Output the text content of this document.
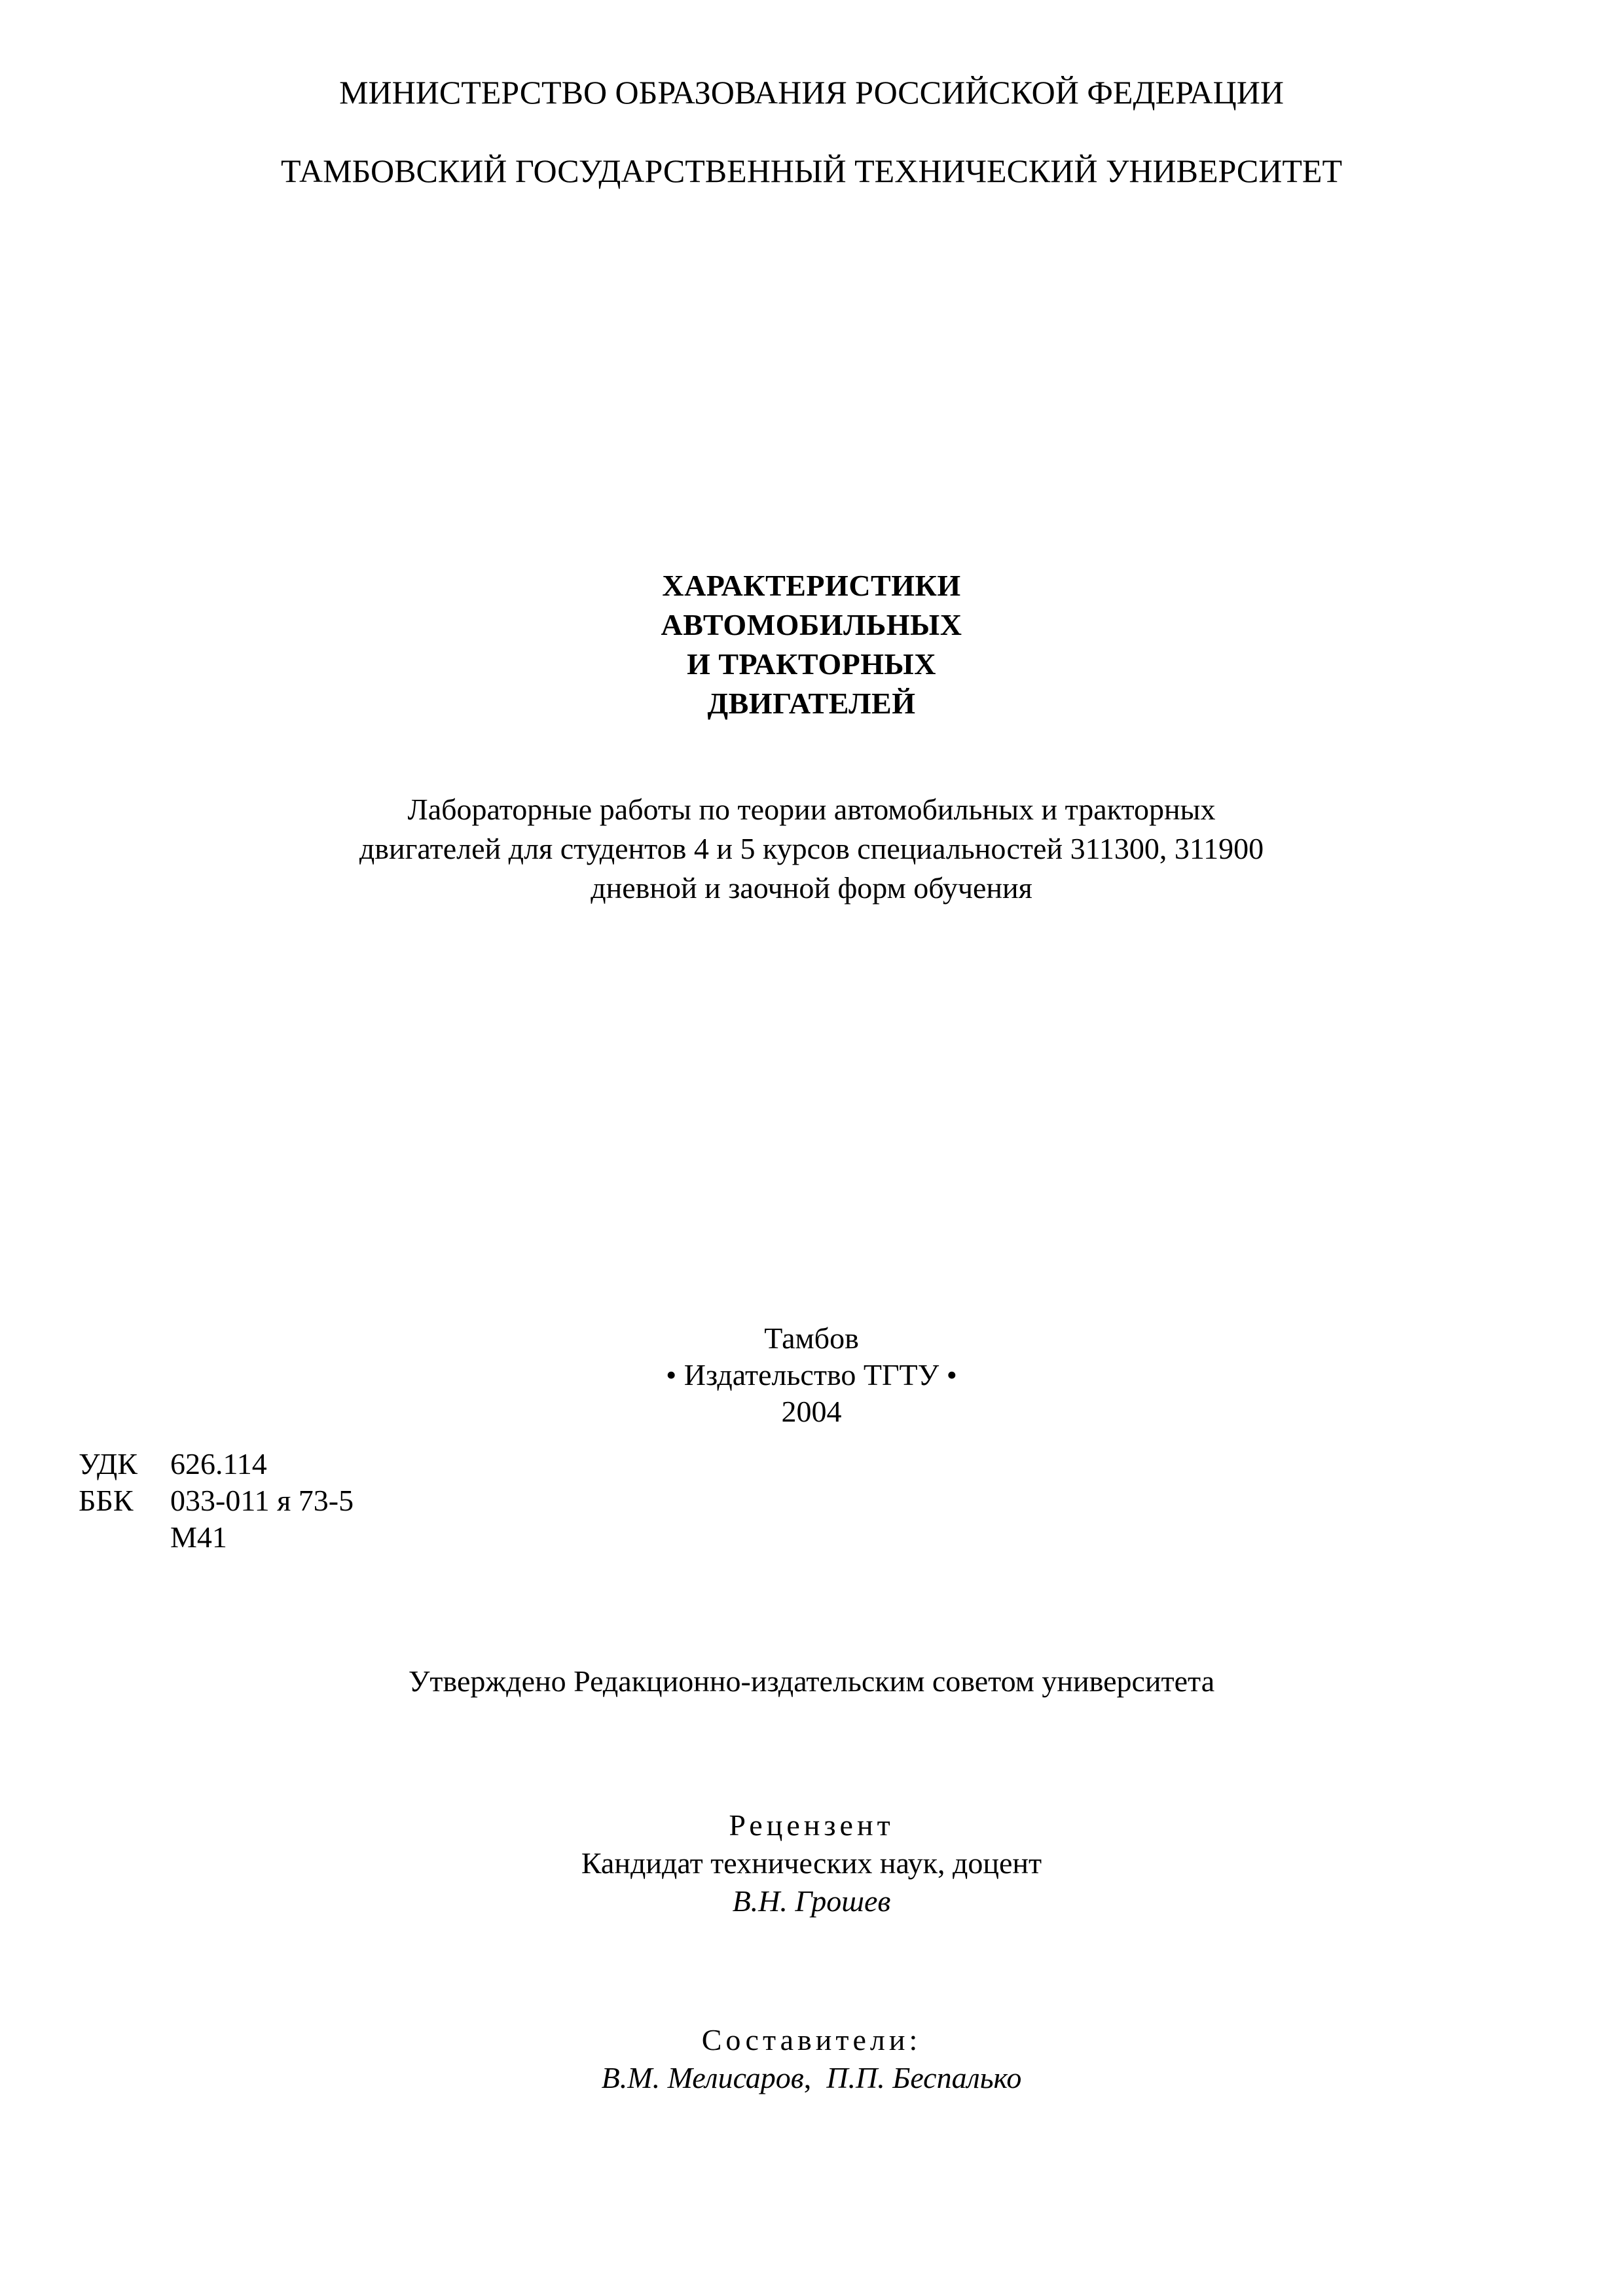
МИНИСТЕРСТВО ОБРАЗОВАНИЯ РОССИЙСКОЙ ФЕДЕРАЦИИ
ТАМБОВСКИЙ ГОСУДАРСТВЕННЫЙ ТЕХНИЧЕСКИЙ УНИВЕРСИТЕТ
ХАРАКТЕРИСТИКИ
АВТОМОБИЛЬНЫХ
И ТРАКТОРНЫХ
ДВИГАТЕЛЕЙ
Лабораторные работы по теории автомобильных и тракторных
двигателей для студентов 4 и 5 курсов специальностей 311300, 311900
дневной и заочной форм обучения
Тамбов
• Издательство ТГТУ •
2004
УДК 626.114
ББК 033-011 я 73-5
М41
Утверждено Редакционно-издательским советом университета
Рецензент
Кандидат технических наук, доцент
В.Н. Грошев
Составители:
В.М. Мелисаров, П.П. Беспалько
